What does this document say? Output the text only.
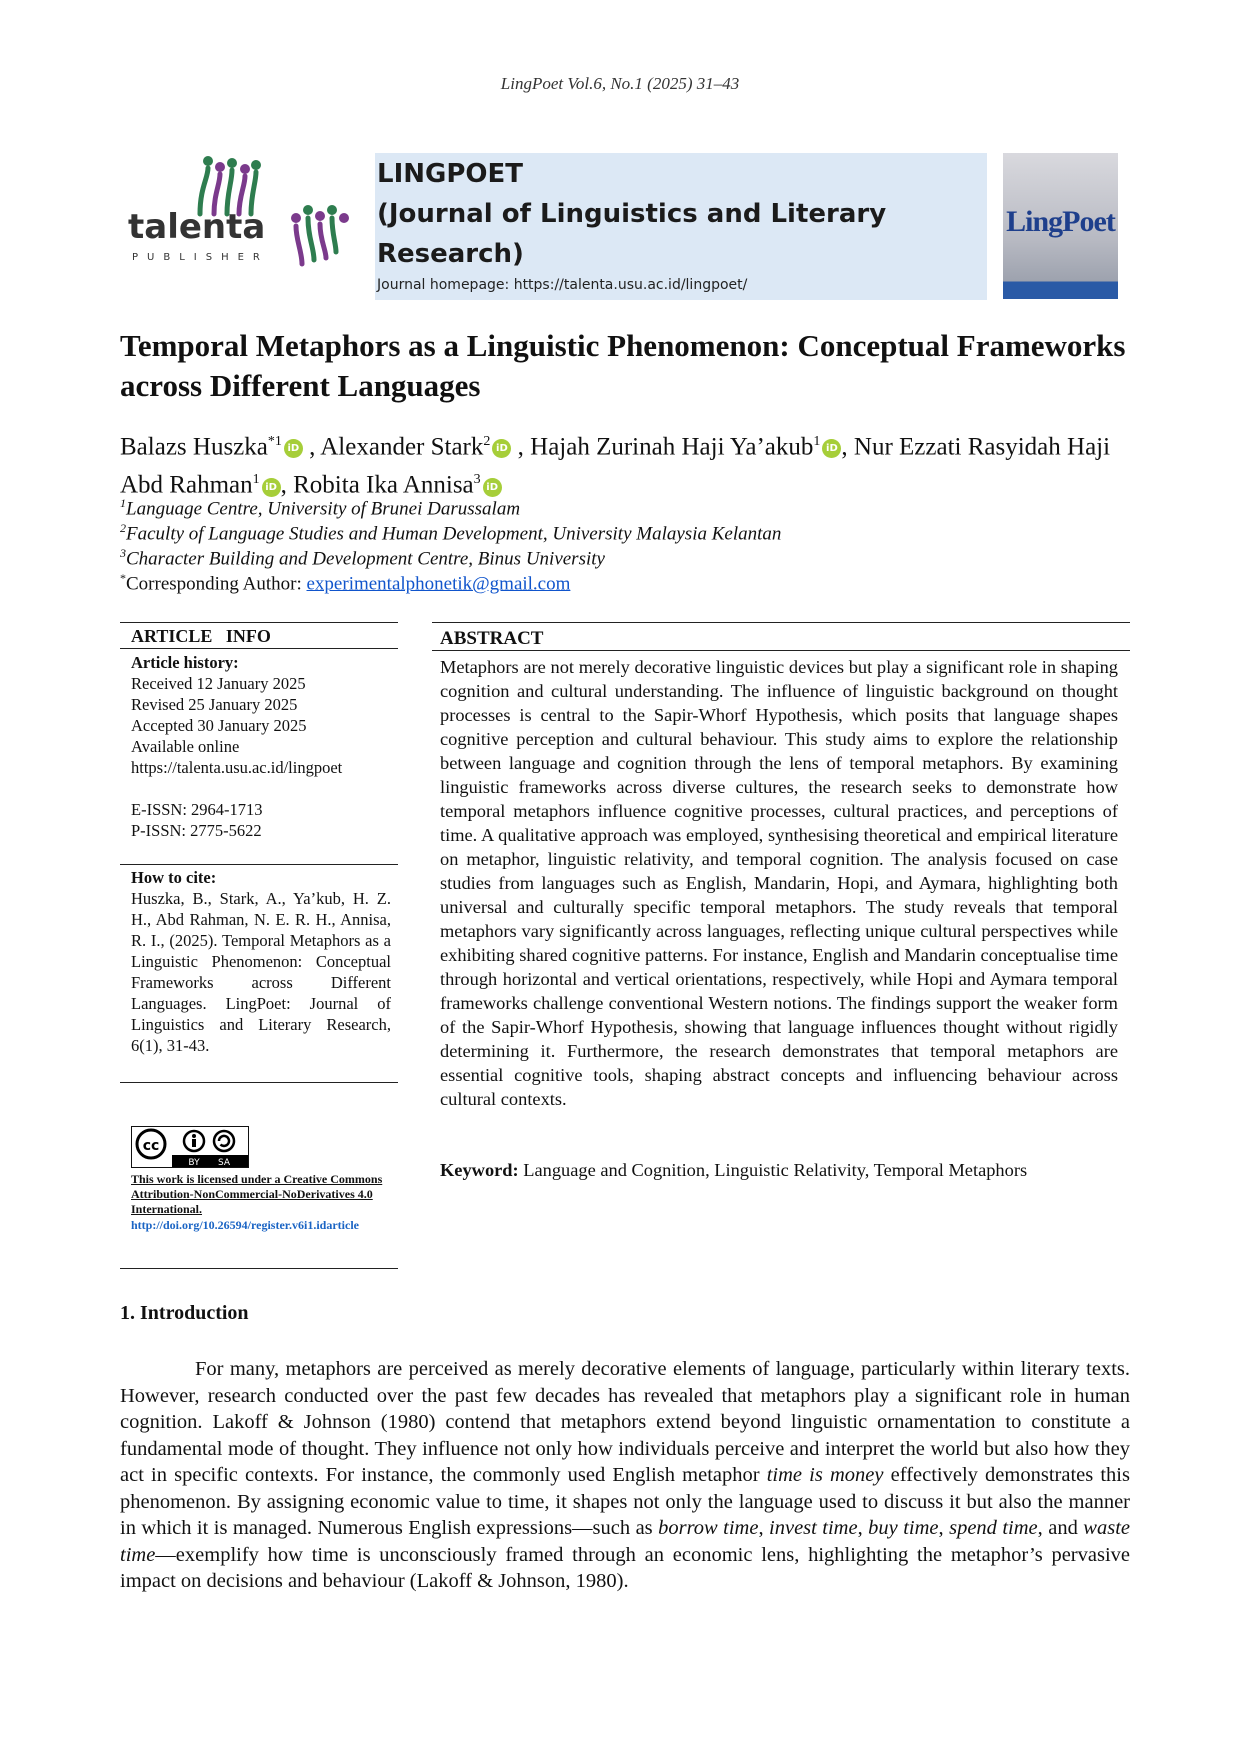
LingPoet Vol.6, No.1 (2025) 31–43
talenta
PUBLISHER
LINGPOET
(Journal of Linguistics and Literary
Research)
Journal homepage: https://talenta.usu.ac.id/lingpoet/
LingPoet
Temporal Metaphors as a Linguistic Phenomenon: Conceptual Frameworks across Different Languages
Balazs Huszka$^{*1}$ iD , Alexander Stark$^2$ iD , Hajah Zurinah Haji Ya’akub$^1$ iD , Nur Ezzati Rasyidah Haji Abd Rahman$^1$ iD , Robita Ika Annisa$^3$ iD
$^1$Language Centre, University of Brunei Darussalam
$^2$Faculty of Language Studies and Human Development, University Malaysia Kelantan
$^3$Character Building and Development Centre, Binus University
*Corresponding Author: experimentalphonetik@gmail.com
ARTICLE   INFO
Article history:
Received 12 January 2025
Revised 25 January 2025
Accepted 30 January 2025
Available online
https://talenta.usu.ac.id/lingpoet

E-ISSN: 2964-1713
P-ISSN: 2775-5622
How to cite:
Huszka, B., Stark, A., Ya’kub, H. Z. H., Abd Rahman, N. E. R. H., Annisa, R. I., (2025). Temporal Metaphors as a Linguistic Phenomenon: Conceptual Frameworks across Different Languages. LingPoet: Journal of Linguistics and Literary Research, 6(1), 31-43.
cc
BY SA
This work is licensed under a Creative Commons Attribution-NonCommercial-NoDerivatives 4.0 International.
http://doi.org/10.26594/register.v6i1.idarticle
ABSTRACT
Metaphors are not merely decorative linguistic devices but play a significant role in shaping cognition and cultural understanding. The influence of linguistic background on thought processes is central to the Sapir-Whorf Hypothesis, which posits that language shapes cognitive perception and cultural behaviour. This study aims to explore the relationship between language and cognition through the lens of temporal metaphors. By examining linguistic frameworks across diverse cultures, the research seeks to demonstrate how temporal metaphors influence cognitive processes, cultural practices, and perceptions of time. A qualitative approach was employed, synthesising theoretical and empirical literature on metaphor, linguistic relativity, and temporal cognition. The analysis focused on case studies from languages such as English, Mandarin, Hopi, and Aymara, highlighting both universal and culturally specific temporal metaphors. The study reveals that temporal metaphors vary significantly across languages, reflecting unique cultural perspectives while exhibiting shared cognitive patterns. For instance, English and Mandarin conceptualise time through horizontal and vertical orientations, respectively, while Hopi and Aymara temporal frameworks challenge conventional Western notions. The findings support the weaker form of the Sapir-Whorf Hypothesis, showing that language influences thought without rigidly determining it. Furthermore, the research demonstrates that temporal metaphors are essential cognitive tools, shaping abstract concepts and influencing behaviour across cultural contexts.
Keyword: Language and Cognition, Linguistic Relativity, Temporal Metaphors
1. Introduction

For many, metaphors are perceived as merely decorative elements of language, particularly within literary texts. However, research conducted over the past few decades has revealed that metaphors play a significant role in human cognition. Lakoff & Johnson (1980) contend that metaphors extend beyond linguistic ornamentation to constitute a fundamental mode of thought. They influence not only how individuals perceive and interpret the world but also how they act in specific contexts. For instance, the commonly used English metaphor time is money effectively demonstrates this phenomenon. By assigning economic value to time, it shapes not only the language used to discuss it but also the manner in which it is managed. Numerous English expressions—such as borrow time, invest time, buy time, spend time, and waste time—exemplify how time is unconsciously framed through an economic lens, highlighting the metaphor’s pervasive impact on decisions and behaviour (Lakoff & Johnson, 1980).
